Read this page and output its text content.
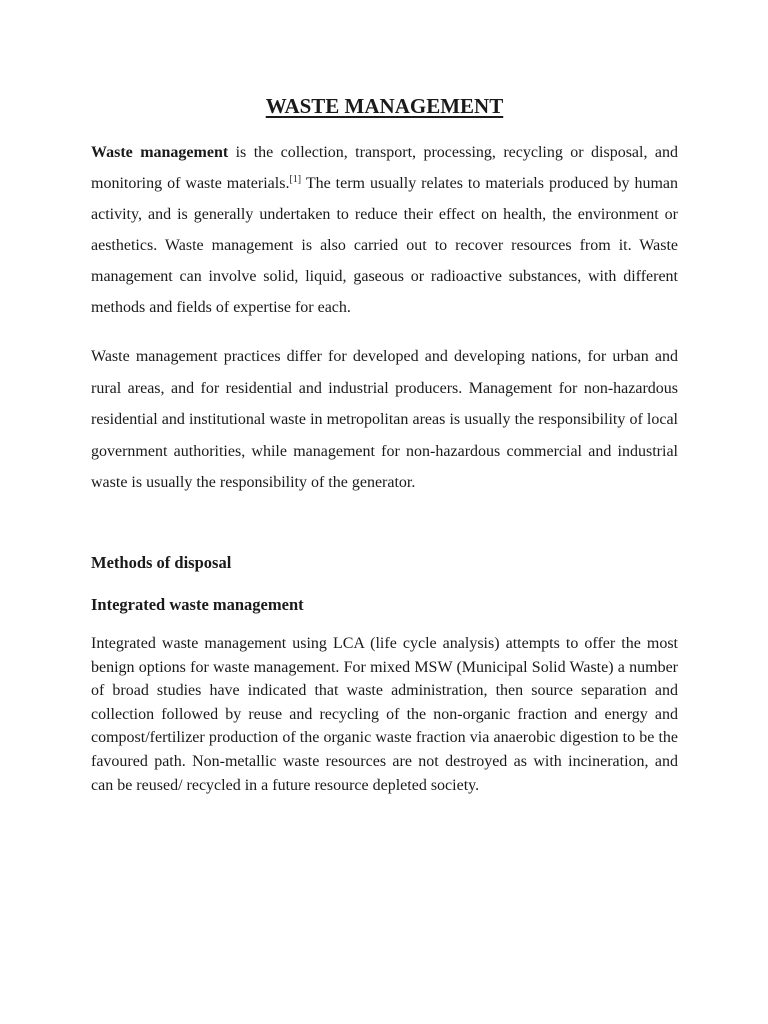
WASTE MANAGEMENT

Waste management is the collection, transport, processing, recycling or disposal, and monitoring of waste materials.[1] The term usually relates to materials produced by human activity, and is generally undertaken to reduce their effect on health, the environment or aesthetics. Waste management is also carried out to recover resources from it. Waste management can involve solid, liquid, gaseous or radioactive substances, with different methods and fields of expertise for each.

Waste management practices differ for developed and developing nations, for urban and rural areas, and for residential and industrial producers. Management for non-hazardous residential and institutional waste in metropolitan areas is usually the responsibility of local government authorities, while management for non-hazardous commercial and industrial waste is usually the responsibility of the generator.

Methods of disposal
Integrated waste management

Integrated waste management using LCA (life cycle analysis) attempts to offer the most benign options for waste management. For mixed MSW (Municipal Solid Waste) a number of broad studies have indicated that waste administration, then source separation and collection followed by reuse and recycling of the non-organic fraction and energy and compost/fertilizer production of the organic waste fraction via anaerobic digestion to be the favoured path. Non-metallic waste resources are not destroyed as with incineration, and can be reused/ recycled in a future resource depleted society.
